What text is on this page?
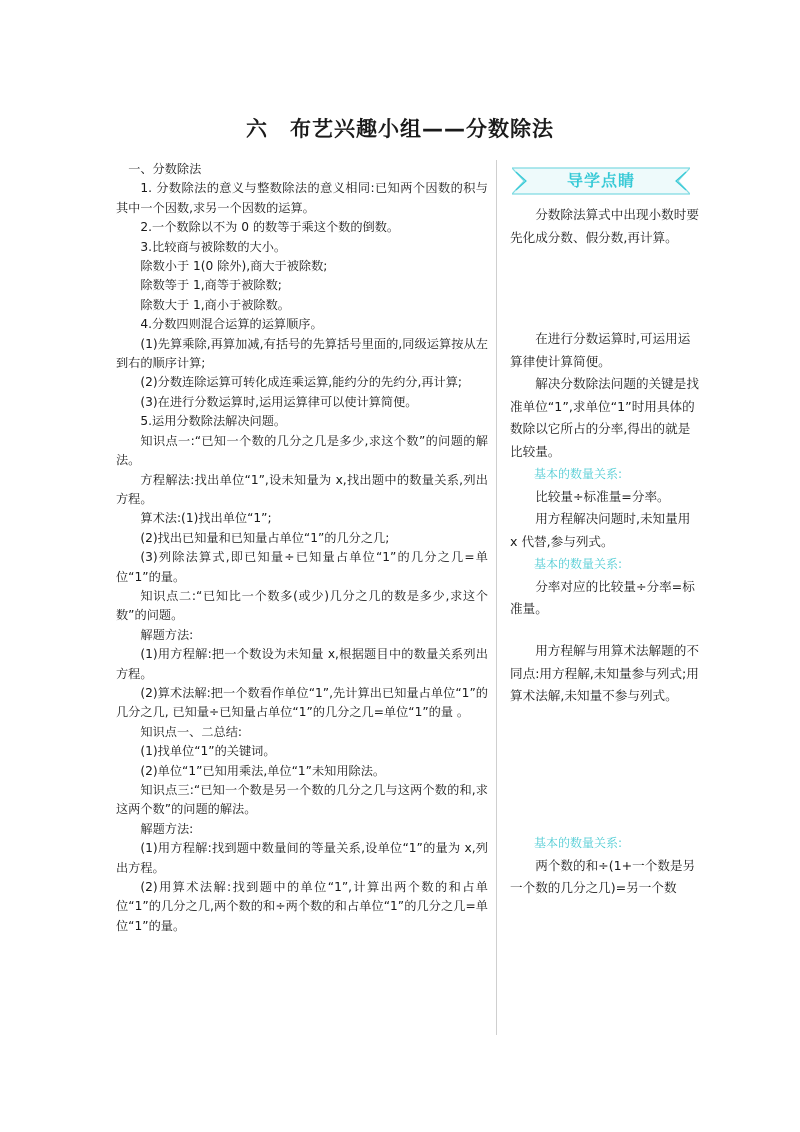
六 布艺兴趣小组——分数除法

一、分数除法

1. 分数除法的意义与整数除法的意义相同:已知两个因数的积与其中一个因数,求另一个因数的运算。

2.一个数除以不为 0 的数等于乘这个数的倒数。

3.比较商与被除数的大小。

除数小于 1(0 除外),商大于被除数;

除数等于 1,商等于被除数;

除数大于 1,商小于被除数。

4.分数四则混合运算的运算顺序。

(1)先算乘除,再算加减,有括号的先算括号里面的,同级运算按从左到右的顺序计算;

(2)分数连除运算可转化成连乘运算,能约分的先约分,再计算;

(3)在进行分数运算时,运用运算律可以使计算简便。

5.运用分数除法解决问题。

知识点一:“已知一个数的几分之几是多少,求这个数”的问题的解法。

方程解法:找出单位“1”,设未知量为 x,找出题中的数量关系,列出方程。

算术法:(1)找出单位“1”;

(2)找出已知量和已知量占单位“1”的几分之几;

(3)列除法算式,即已知量÷已知量占单位“1”的几分之几=单位“1”的量。

知识点二:“已知比一个数多(或少)几分之几的数是多少,求这个数”的问题。

解题方法:

(1)用方程解:把一个数设为未知量 x,根据题目中的数量关系列出方程。

(2)算术法解:把一个数看作单位“1”,先计算出已知量占单位“1”的几分之几, 已知量÷已知量占单位“1”的几分之几=单位“1”的量 。

知识点一、二总结:

(1)找单位“1”的关键词。

(2)单位“1”已知用乘法,单位“1”未知用除法。

知识点三:“已知一个数是另一个数的几分之几与这两个数的和,求这两个数”的问题的解法。

解题方法:

(1)用方程解:找到题中数量间的等量关系,设单位“1”的量为 x,列出方程。

(2)用算术法解:找到题中的单位“1”,计算出两个数的和占单位“1”的几分之几,两个数的和÷两个数的和占单位“1”的几分之几=单位“1”的量。

导学点睛

分数除法算式中出现小数时要先化成分数、假分数,再计算。

在进行分数运算时,可运用运算律使计算简便。

解决分数除法问题的关键是找准单位“1”,求单位“1”时用具体的数除以它所占的分率,得出的就是比较量。

基本的数量关系:

比较量÷标准量=分率。

用方程解决问题时,未知量用 x 代替,参与列式。

基本的数量关系:

分率对应的比较量÷分率=标准量。

用方程解与用算术法解题的不同点:用方程解,未知量参与列式;用算术法解,未知量不参与列式。

基本的数量关系:

两个数的和÷(1+一个数是另一个数的几分之几)=另一个数
